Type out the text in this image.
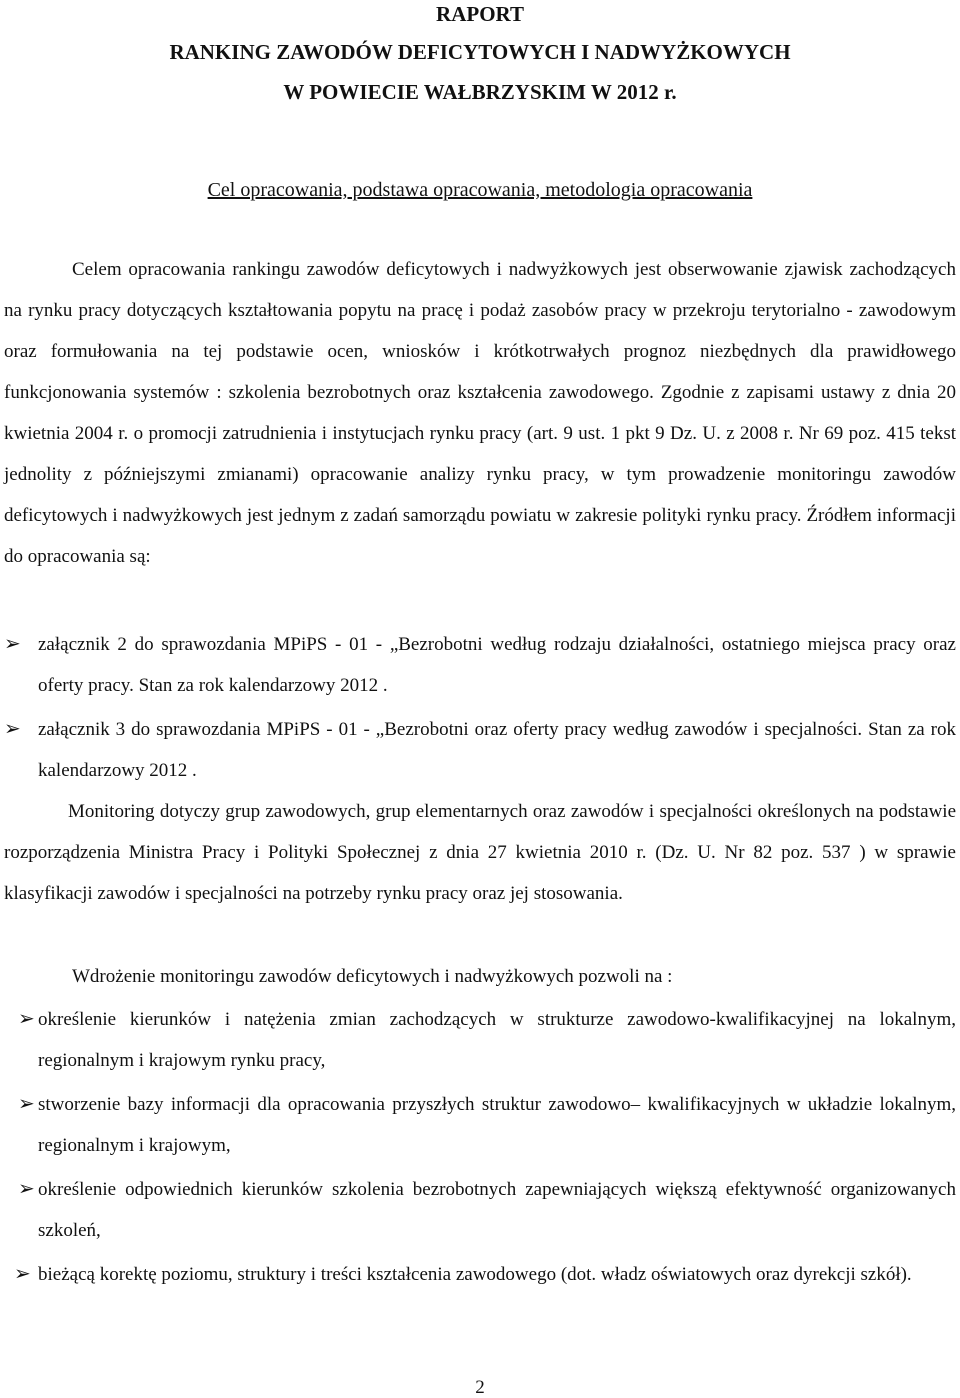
RAPORT
RANKING ZAWODÓW DEFICYTOWYCH I NADWYŻKOWYCH
W POWIECIE WAŁBRZYSKIM W 2012 r.
Cel opracowania, podstawa opracowania, metodologia opracowania

Celem opracowania rankingu zawodów deficytowych i nadwyżkowych jest obserwowanie zjawisk zachodzących na rynku pracy dotyczących kształtowania popytu na pracę i podaż zasobów pracy w przekroju terytorialno - zawodowym oraz formułowania na tej podstawie ocen, wniosków i krótkotrwałych prognoz niezbędnych dla prawidłowego funkcjonowania systemów : szkolenia bezrobotnych oraz kształcenia zawodowego. Zgodnie z zapisami ustawy z dnia 20 kwietnia 2004 r. o promocji zatrudnienia i instytucjach rynku pracy (art. 9 ust. 1 pkt 9 Dz. U. z 2008 r. Nr 69 poz. 415 tekst jednolity z późniejszymi zmianami) opracowanie analizy rynku pracy, w tym prowadzenie monitoringu zawodów deficytowych i nadwyżkowych jest jednym z zadań samorządu powiatu w zakresie polityki rynku pracy. Źródłem informacji do opracowania są:

➢ załącznik 2 do sprawozdania MPiPS - 01 - „Bezrobotni według rodzaju działalności, ostatniego miejsca pracy oraz oferty pracy. Stan za rok kalendarzowy 2012 .
➢ załącznik 3 do sprawozdania MPiPS - 01 - „Bezrobotni oraz oferty pracy według zawodów i specjalności. Stan za rok kalendarzowy 2012 .

Monitoring dotyczy grup zawodowych, grup elementarnych oraz zawodów i specjalności określonych na podstawie rozporządzenia Ministra Pracy i Polityki Społecznej z dnia 27 kwietnia 2010 r. (Dz. U. Nr 82 poz. 537 ) w sprawie klasyfikacji zawodów i specjalności na potrzeby rynku pracy oraz jej stosowania.

Wdrożenie monitoringu zawodów deficytowych i nadwyżkowych pozwoli na :

➢ określenie kierunków i natężenia zmian zachodzących w strukturze zawodowo-kwalifikacyjnej na lokalnym, regionalnym i krajowym rynku pracy,
➢ stworzenie bazy informacji dla opracowania przyszłych struktur zawodowo– kwalifikacyjnych w układzie lokalnym, regionalnym i krajowym,
➢ określenie odpowiednich kierunków szkolenia bezrobotnych zapewniających większą efektywność organizowanych szkoleń,
➢ bieżącą korektę poziomu, struktury i treści kształcenia zawodowego (dot. władz oświatowych oraz dyrekcji szkół).
2
